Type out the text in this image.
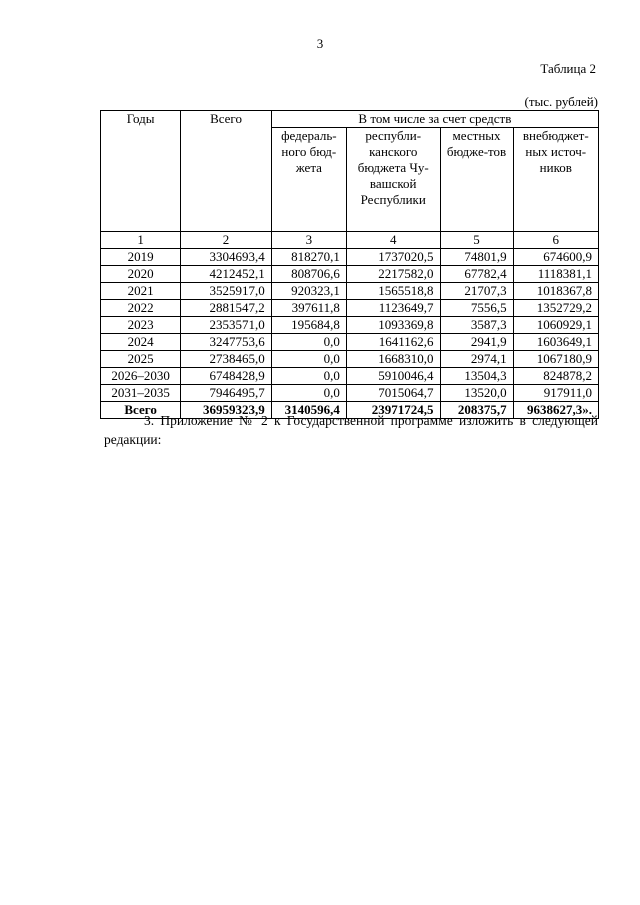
3
Таблица 2
(тыс. рублей)
Годы	Всего	В том числе за счет средств			
		федераль-ного бюд-жета	республи-канского бюджета Чу-вашской Республики	местных бюдже-тов	внебюджет-ных источ-ников
1	2	3	4	5	6
2019	3304693,4	818270,1	1737020,5	74801,9	674600,9
2020	4212452,1	808706,6	2217582,0	67782,4	1118381,1
2021	3525917,0	920323,1	1565518,8	21707,3	1018367,8
2022	2881547,2	397611,8	1123649,7	7556,5	1352729,2
2023	2353571,0	195684,8	1093369,8	3587,3	1060929,1
2024	3247753,6	0,0	1641162,6	2941,9	1603649,1
2025	2738465,0	0,0	1668310,0	2974,1	1067180,9
2026–2030	6748428,9	0,0	5910046,4	13504,3	824878,2
2031–2035	7946495,7	0,0	7015064,7	13520,0	917911,0
Всего	36959323,9	3140596,4	23971724,5	208375,7	9638627,3».
3. Приложение № 2 к Государственной программе изложить в следующей редакции:
